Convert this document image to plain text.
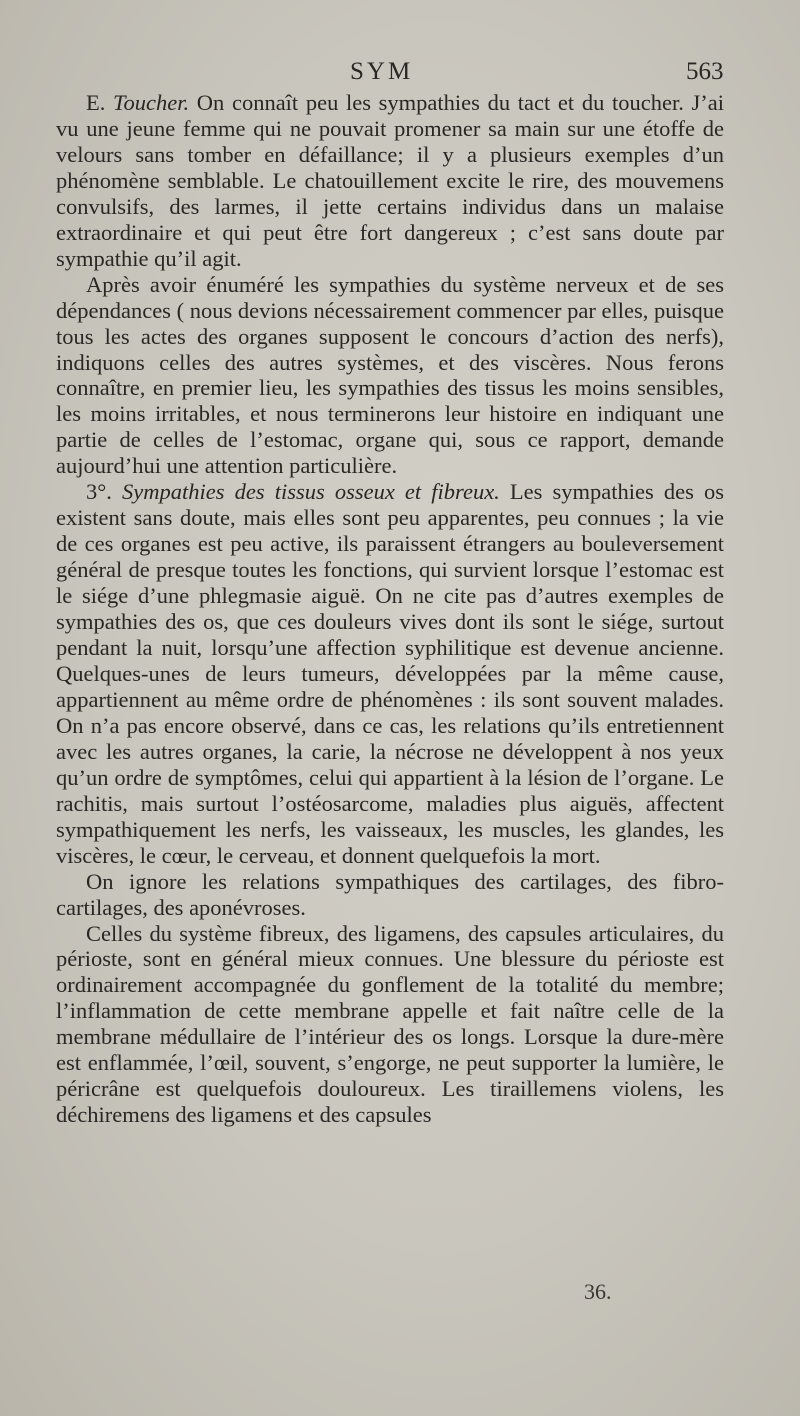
SYM	563

E. Toucher. On connaît peu les sympathies du tact et du toucher. J’ai vu une jeune femme qui ne pouvait promener sa main sur une étoffe de velours sans tomber en défaillance; il y a plusieurs exemples d’un phénomène semblable. Le chatouillement excite le rire, des mouvemens convulsifs, des larmes, il jette certains individus dans un malaise extraordinaire et qui peut être fort dangereux ; c’est sans doute par sympathie qu’il agit.

Après avoir énuméré les sympathies du système nerveux et de ses dépendances ( nous devions nécessairement commencer par elles, puisque tous les actes des organes supposent le concours d’action des nerfs), indiquons celles des autres systèmes, et des viscères. Nous ferons connaître, en premier lieu, les sympathies des tissus les moins sensibles, les moins irritables, et nous terminerons leur histoire en indiquant une partie de celles de l’estomac, organe qui, sous ce rapport, demande aujourd’hui une attention particulière.

3°. Sympathies des tissus osseux et fibreux. Les sympathies des os existent sans doute, mais elles sont peu apparentes, peu connues ; la vie de ces organes est peu active, ils paraissent étrangers au bouleversement général de presque toutes les fonctions, qui survient lorsque l’estomac est le siége d’une phlegmasie aiguë. On ne cite pas d’autres exemples de sympathies des os, que ces douleurs vives dont ils sont le siége, surtout pendant la nuit, lorsqu’une affection syphilitique est devenue ancienne. Quelques-unes de leurs tumeurs, développées par la même cause, appartiennent au même ordre de phénomènes : ils sont souvent malades. On n’a pas encore observé, dans ce cas, les relations qu’ils entretiennent avec les autres organes, la carie, la nécrose ne développent à nos yeux qu’un ordre de symptômes, celui qui appartient à la lésion de l’organe. Le rachitis, mais surtout l’ostéosarcome, maladies plus aiguës, affectent sympathiquement les nerfs, les vaisseaux, les muscles, les glandes, les viscères, le cœur, le cerveau, et donnent quelquefois la mort.

On ignore les relations sympathiques des cartilages, des fibro-cartilages, des aponévroses.

Celles du système fibreux, des ligamens, des capsules articulaires, du périoste, sont en général mieux connues. Une blessure du périoste est ordinairement accompagnée du gonflement de la totalité du membre; l’inflammation de cette membrane appelle et fait naître celle de la membrane médullaire de l’intérieur des os longs. Lorsque la dure-mère est enflammée, l’œil, souvent, s’engorge, ne peut supporter la lumière, le péricrâne est quelquefois douloureux. Les tiraillemens violens, les déchiremens des ligamens et des capsules

36.
